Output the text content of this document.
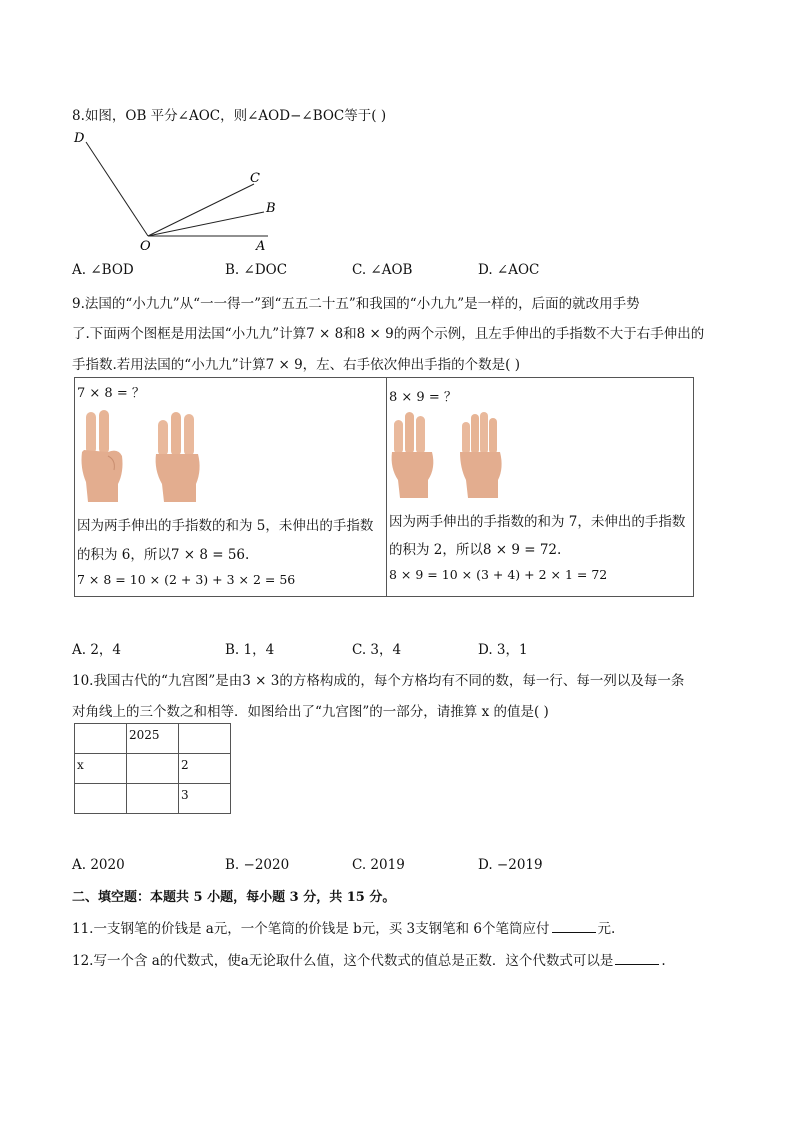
8.如图，OB 平分∠AOC，则∠AOD−∠BOC等于( )
D
C
B
O	A
A. ∠BOD	B. ∠DOC	C. ∠AOB	D. ∠AOC
9.法国的“小九九”从“一一得一”到“五五二十五”和我国的“小九九”是一样的，后面的就改用手势
了.下面两个图框是用法国“小九九”计算7 × 8和8 × 9的两个示例，且左手伸出的手指数不大于右手伸出的
手指数.若用法国的“小九九”计算7 × 9，左、右手依次伸出手指的个数是( )
7 × 8 = ？
因为两手伸出的手指数的和为 5，未伸出的手指数
的积为 6，所以7 × 8 = 56.
7 × 8 = 10 × (2 + 3) + 3 × 2 = 56
8 × 9 = ？
因为两手伸出的手指数的和为 7，未伸出的手指数
的积为 2，所以8 × 9 = 72.
8 × 9 = 10 × (3 + 4) + 2 × 1 = 72
A. 2，4	B. 1，4	C. 3，4	D. 3，1
10.我国古代的“九宫图”是由3 × 3的方格构成的，每个方格均有不同的数，每一行、每一列以及每一条
对角线上的三个数之和相等．如图给出了“九宫图”的一部分，请推算 x 的值是( )
	2025	
x		2
		3
A. 2020	B. −2020	C. 2019	D. −2019
二、填空题：本题共 5 小题，每小题 3 分，共 15 分。
11.一支钢笔的价钱是 a元，一个笔筒的价钱是 b元，买 3支钢笔和 6个笔筒应付	元.
12.写一个含 a的代数式，使a无论取什么值，这个代数式的值总是正数．这个代数式可以是	.
